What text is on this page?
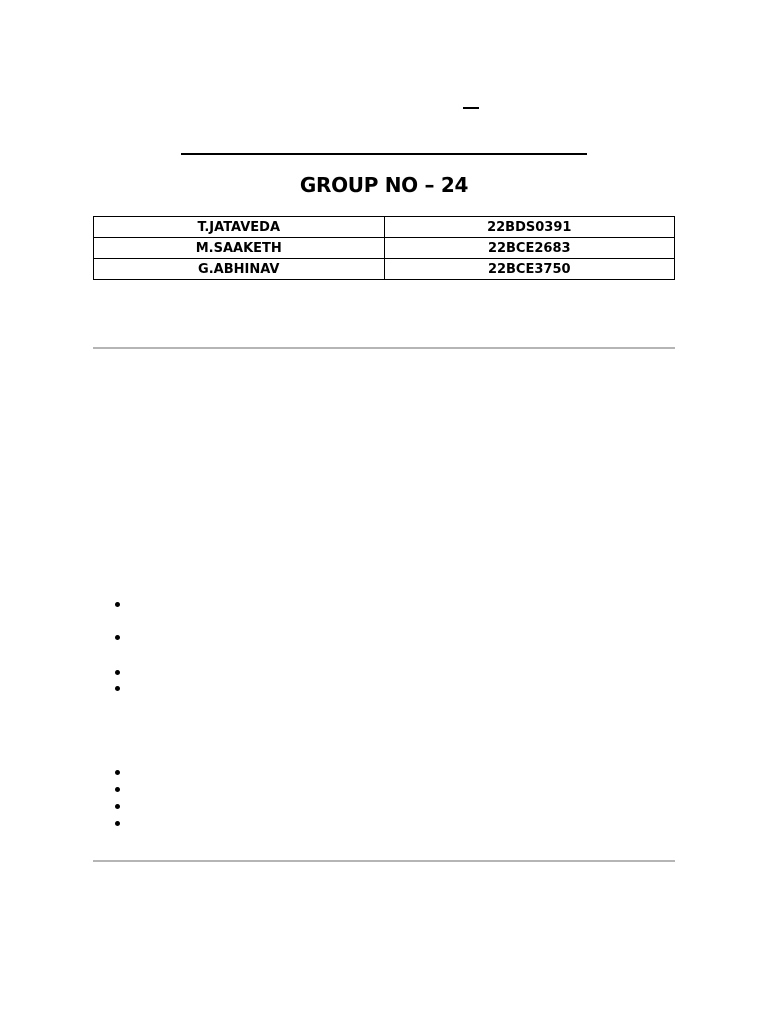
GROUP NO – 24
T.JATAVEDA	22BDS0391
M.SAAKETH	22BCE2683
G.ABHINAV	22BCE3750
